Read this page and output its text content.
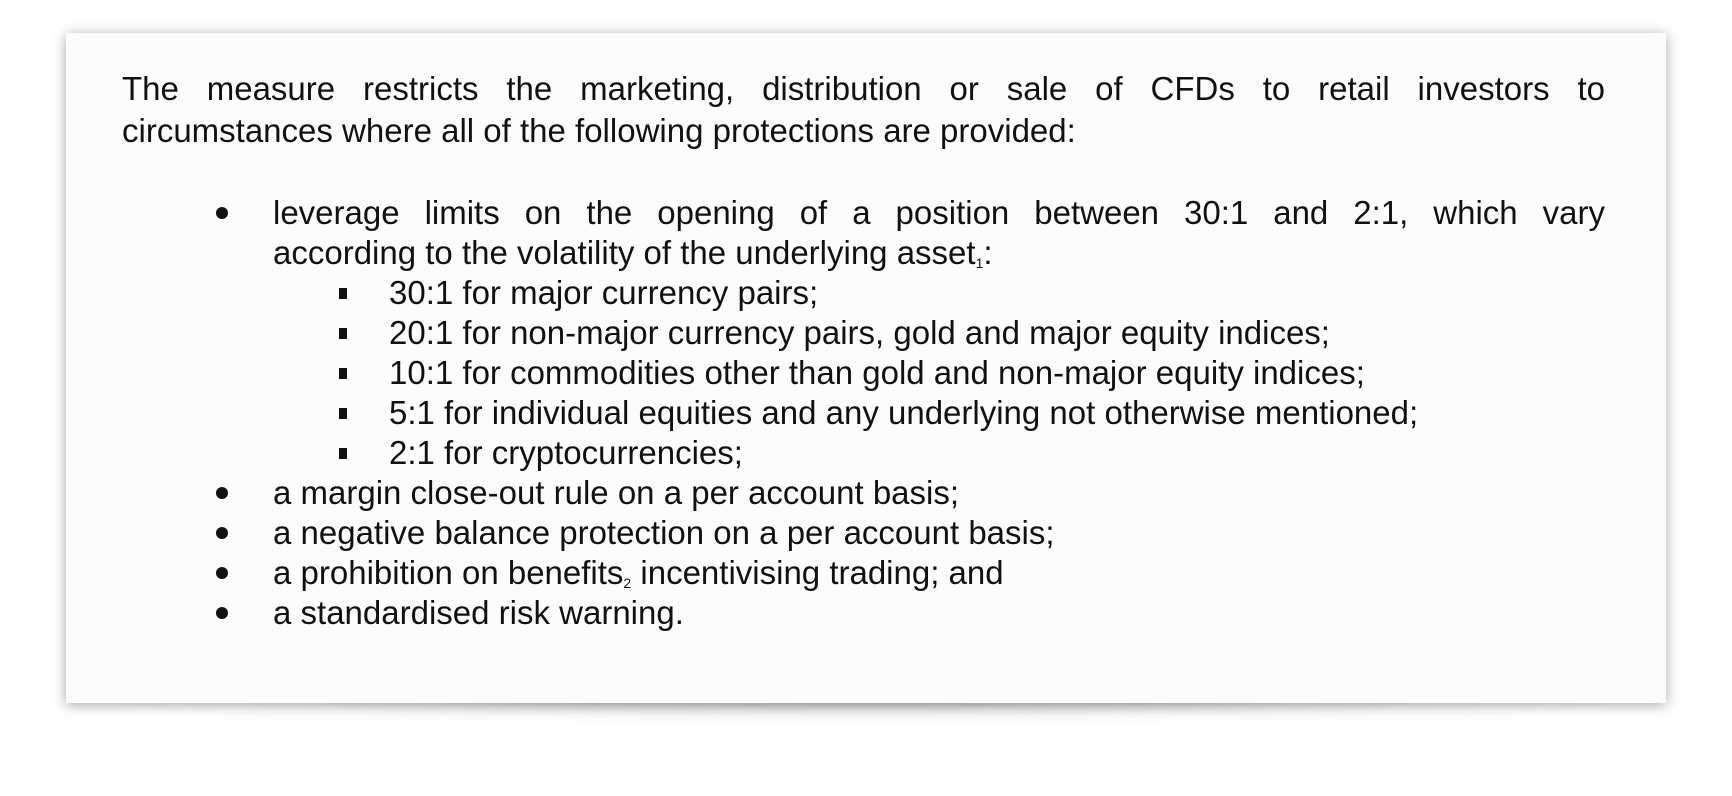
The measure restricts the marketing, distribution or sale of CFDs to retail investors to
circumstances where all of the following protections are provided:

leverage limits on the opening of a position between 30:1 and 2:1, which vary
according to the volatility of the underlying asset1:
30:1 for major currency pairs;
20:1 for non-major currency pairs, gold and major equity indices;
10:1 for commodities other than gold and non-major equity indices;
5:1 for individual equities and any underlying not otherwise mentioned;
2:1 for cryptocurrencies;
a margin close-out rule on a per account basis;
a negative balance protection on a per account basis;
a prohibition on benefits2 incentivising trading; and
a standardised risk warning.
